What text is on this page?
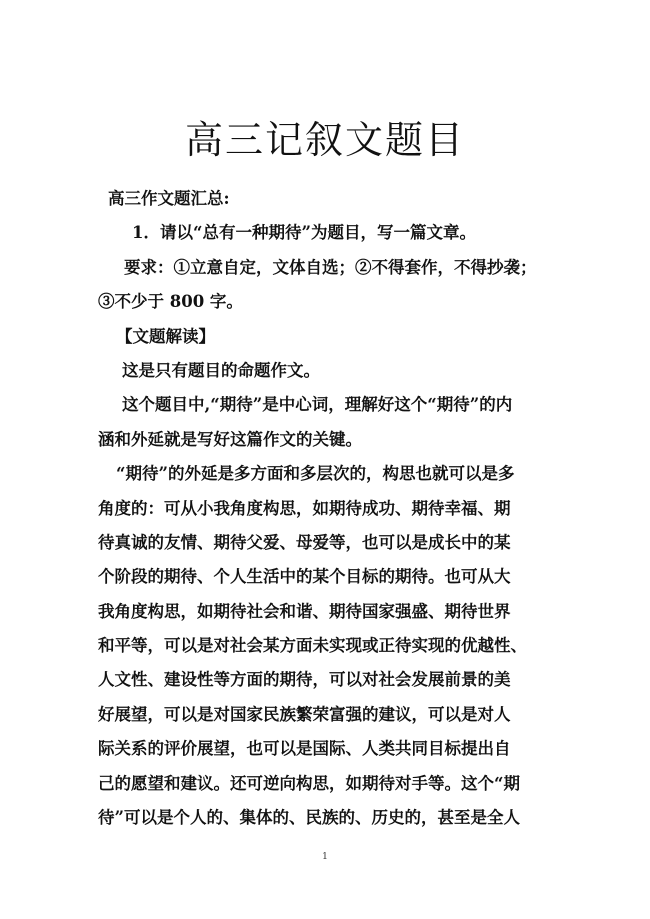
高三记叙文题目
高三作文题汇总:
1．请以“总有一种期待”为题目，写一篇文章。
要求：①立意自定，文体自选；②不得套作，不得抄袭；
③不少于 800 字。
【文题解读】
这是只有题目的命题作文。
这个题目中,“期待”是中心词，理解好这个“期待”的内
涵和外延就是写好这篇作文的关键。
“期待”的外延是多方面和多层次的，构思也就可以是多
角度的：可从小我角度构思，如期待成功、期待幸福、期
待真诚的友情、期待父爱、母爱等，也可以是成长中的某
个阶段的期待、个人生活中的某个目标的期待。也可从大
我角度构思，如期待社会和谐、期待国家强盛、期待世界
和平等，可以是对社会某方面未实现或正待实现的优越性、
人文性、建设性等方面的期待，可以对社会发展前景的美
好展望，可以是对国家民族繁荣富强的建议，可以是对人
际关系的评价展望，也可以是国际、人类共同目标提出自
己的愿望和建议。还可逆向构思，如期待对手等。这个“期
待”可以是个人的、集体的、民族的、历史的，甚至是全人
1
